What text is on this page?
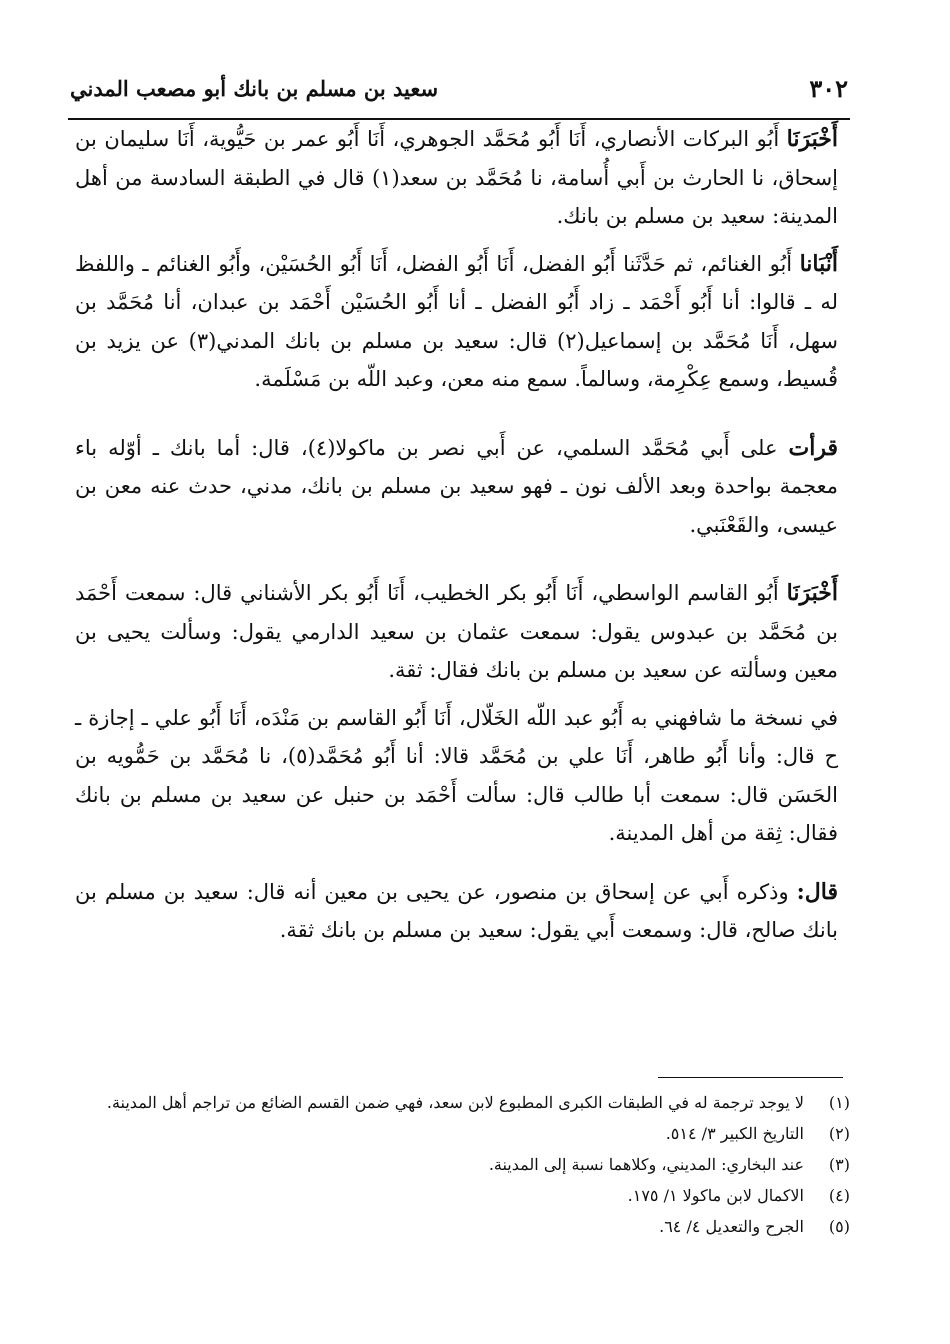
٣٠٢
سعيد بن مسلم بن بانك أبو مصعب المدني

أَخْبَرَنَا أَبُو البركات الأنصاري، أَنَا أَبُو مُحَمَّد الجوهري، أَنَا أَبُو عمر بن حَيُّوية، أَنَا سليمان بن إسحاق، نا الحارث بن أَبي أُسامة، نا مُحَمَّد بن سعد(١) قال في الطبقة السادسة من أهل المدينة: سعيد بن مسلم بن بانك.

أَنْبَانا أَبُو الغنائم، ثم حَدَّثَنا أَبُو الفضل، أَنَا أَبُو الفضل، أَنَا أَبُو الحُسَيْن، وأَبُو الغنائم ـ واللفظ له ـ قالوا: أنا أَبُو أَحْمَد ـ زاد أَبُو الفضل ـ أنا أَبُو الحُسَيْن أَحْمَد بن عبدان، أنا مُحَمَّد بن سهل، أَنَا مُحَمَّد بن إسماعيل(٢) قال: سعيد بن مسلم بن بانك المدني(٣) عن يزيد بن قُسيط، وسمع عِكْرِمة، وسالماً. سمع منه معن، وعبد اللّه بن مَسْلَمة.

قرأت على أَبي مُحَمَّد السلمي، عن أَبي نصر بن ماكولا(٤)، قال: أما بانك ـ أوّله باء معجمة بواحدة وبعد الألف نون ـ فهو سعيد بن مسلم بن بانك، مدني، حدث عنه معن بن عيسى، والقَعْنَبي.

أَخْبَرَنَا أَبُو القاسم الواسطي، أَنَا أَبُو بكر الخطيب، أَنَا أَبُو بكر الأشناني قال: سمعت أَحْمَد بن مُحَمَّد بن عبدوس يقول: سمعت عثمان بن سعيد الدارمي يقول: وسألت يحيى بن معين وسألته عن سعيد بن مسلم بن بانك فقال: ثقة.

في نسخة ما شافهني به أَبُو عبد اللّه الخَلّال، أَنَا أَبُو القاسم بن مَنْدَه، أَنَا أَبُو علي ـ إجازة ـ ح قال: وأنا أَبُو طاهر، أَنَا علي بن مُحَمَّد قالا: أنا أَبُو مُحَمَّد(٥)، نا مُحَمَّد بن حَمُّويه بن الحَسَن قال: سمعت أبا طالب قال: سألت أَحْمَد بن حنبل عن سعيد بن مسلم بن بانك فقال: ثِقة من أهل المدينة.

قال: وذكره أَبي عن إسحاق بن منصور، عن يحيى بن معين أنه قال: سعيد بن مسلم بن بانك صالح، قال: وسمعت أَبي يقول: سعيد بن مسلم بن بانك ثقة.

(١)
لا يوجد ترجمة له في الطبقات الكبرى المطبوع لابن سعد، فهي ضمن القسم الضائع من تراجم أهل المدينة.
(٢)
التاريخ الكبير ٣/ ٥١٤.
(٣)
عند البخاري: المديني، وكلاهما نسبة إلى المدينة.
(٤)
الاكمال لابن ماكولا ١/ ١٧٥.
(٥)
الجرح والتعديل ٤/ ٦٤.
